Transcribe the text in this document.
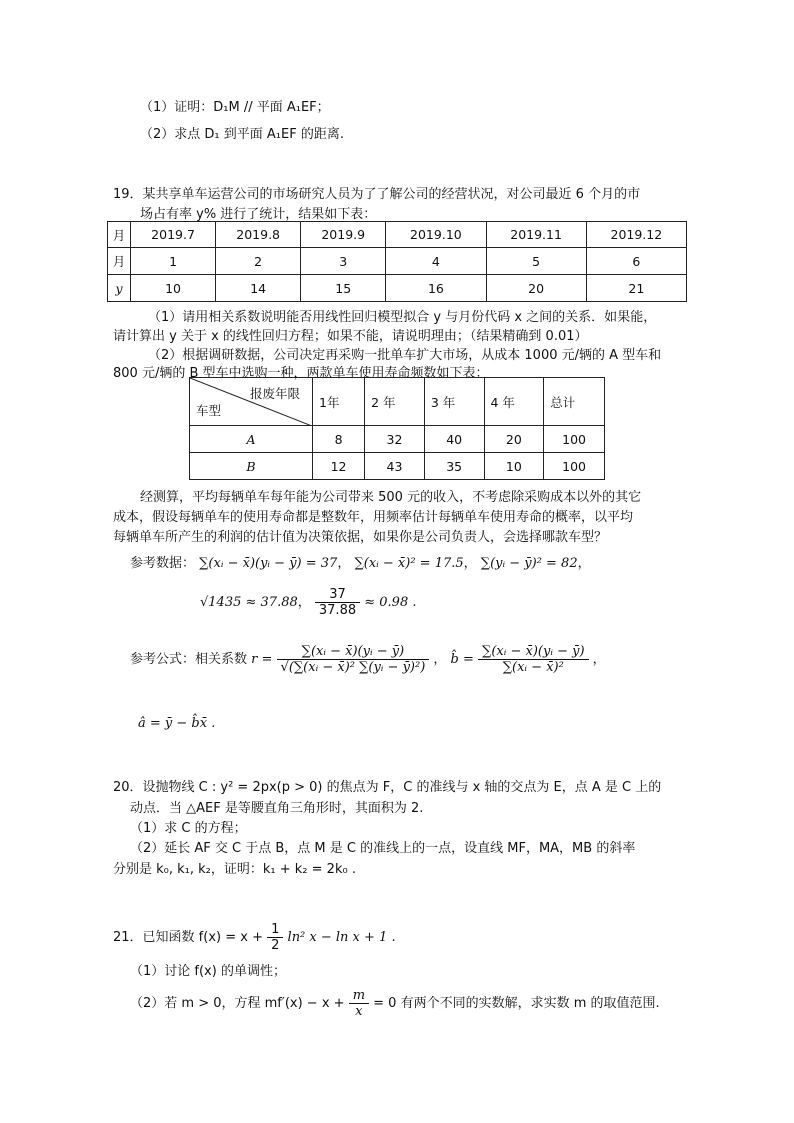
（1）证明：D₁M // 平面 A₁EF；
（2）求点 D₁ 到平面 A₁EF 的距离.
19．某共享单车运营公司的市场研究人员为了了解公司的经营状况，对公司最近 6 个月的市
场占有率 y% 进行了统计，结果如下表：
月	2019.7	2019.8	2019.9	2019.10	2019.11	2019.12
月	1	2	3	4	5	6
y	10	14	15	16	20	21
（1）请用相关系数说明能否用线性回归模型拟合 y 与月份代码 x 之间的关系．如果能，
请计算出 y 关于 x 的线性回归方程；如果不能，请说明理由；（结果精确到 0.01）
（2）根据调研数据，公司决定再采购一批单车扩大市场，从成本 1000 元/辆的 A 型车和
800 元/辆的 B 型车中选购一种，两款单车使用寿命频数如下表：
报废年限
车型	1年	2 年	3 年	4 年	总计
A	8	32	40	20	100
B	12	43	35	10	100
经测算，平均每辆单车每年能为公司带来 500 元的收入，不考虑除采购成本以外的其它
成本，假设每辆单车的使用寿命都是整数年，用频率估计每辆单车使用寿命的概率，以平均
每辆单车所产生的利润的估计值为决策依据，如果你是公司负责人，会选择哪款车型？
参考数据： ∑(xᵢ − x̄)(yᵢ − ȳ) = 37， ∑(xᵢ − x̄)² = 17.5， ∑(yᵢ − ȳ)² = 82，
√1435 ≈ 37.88， $\frac{37}{37.88} \approx 0.98$ .
参考公式：相关系数 $r = \frac{\text{∑(xᵢ − x̄)(yᵢ − ȳ)}}{\text{√(∑(xᵢ − x̄)² ∑(yᵢ − ȳ)²)}}$ ， b̂ = $\frac{\text{∑(xᵢ − x̄)(yᵢ − ȳ)}}{\text{∑(xᵢ − x̄)²}}$ ，
â = ȳ − b̂x̄ .
20．设抛物线 C : y² = 2px(p > 0) 的焦点为 F，C 的准线与 x 轴的交点为 E，点 A 是 C 上的
动点．当 △AEF 是等腰直角三角形时，其面积为 2.
（1）求 C 的方程；
（2）延长 AF 交 C 于点 B，点 M 是 C 的准线上的一点，设直线 MF，MA，MB 的斜率
分别是 k₀, k₁, k₂，证明：k₁ + k₂ = 2k₀ .
21．已知函数 $f(x) = x + \frac{1}{2} \ln^2$ x − ln x + 1 .
（1）讨论 f(x) 的单调性；
（2）若 m > 0，方程 $mf'(x) - x + \frac{m}{x} = 0$ 有两个不同的实数解，求实数 m 的取值范围.
